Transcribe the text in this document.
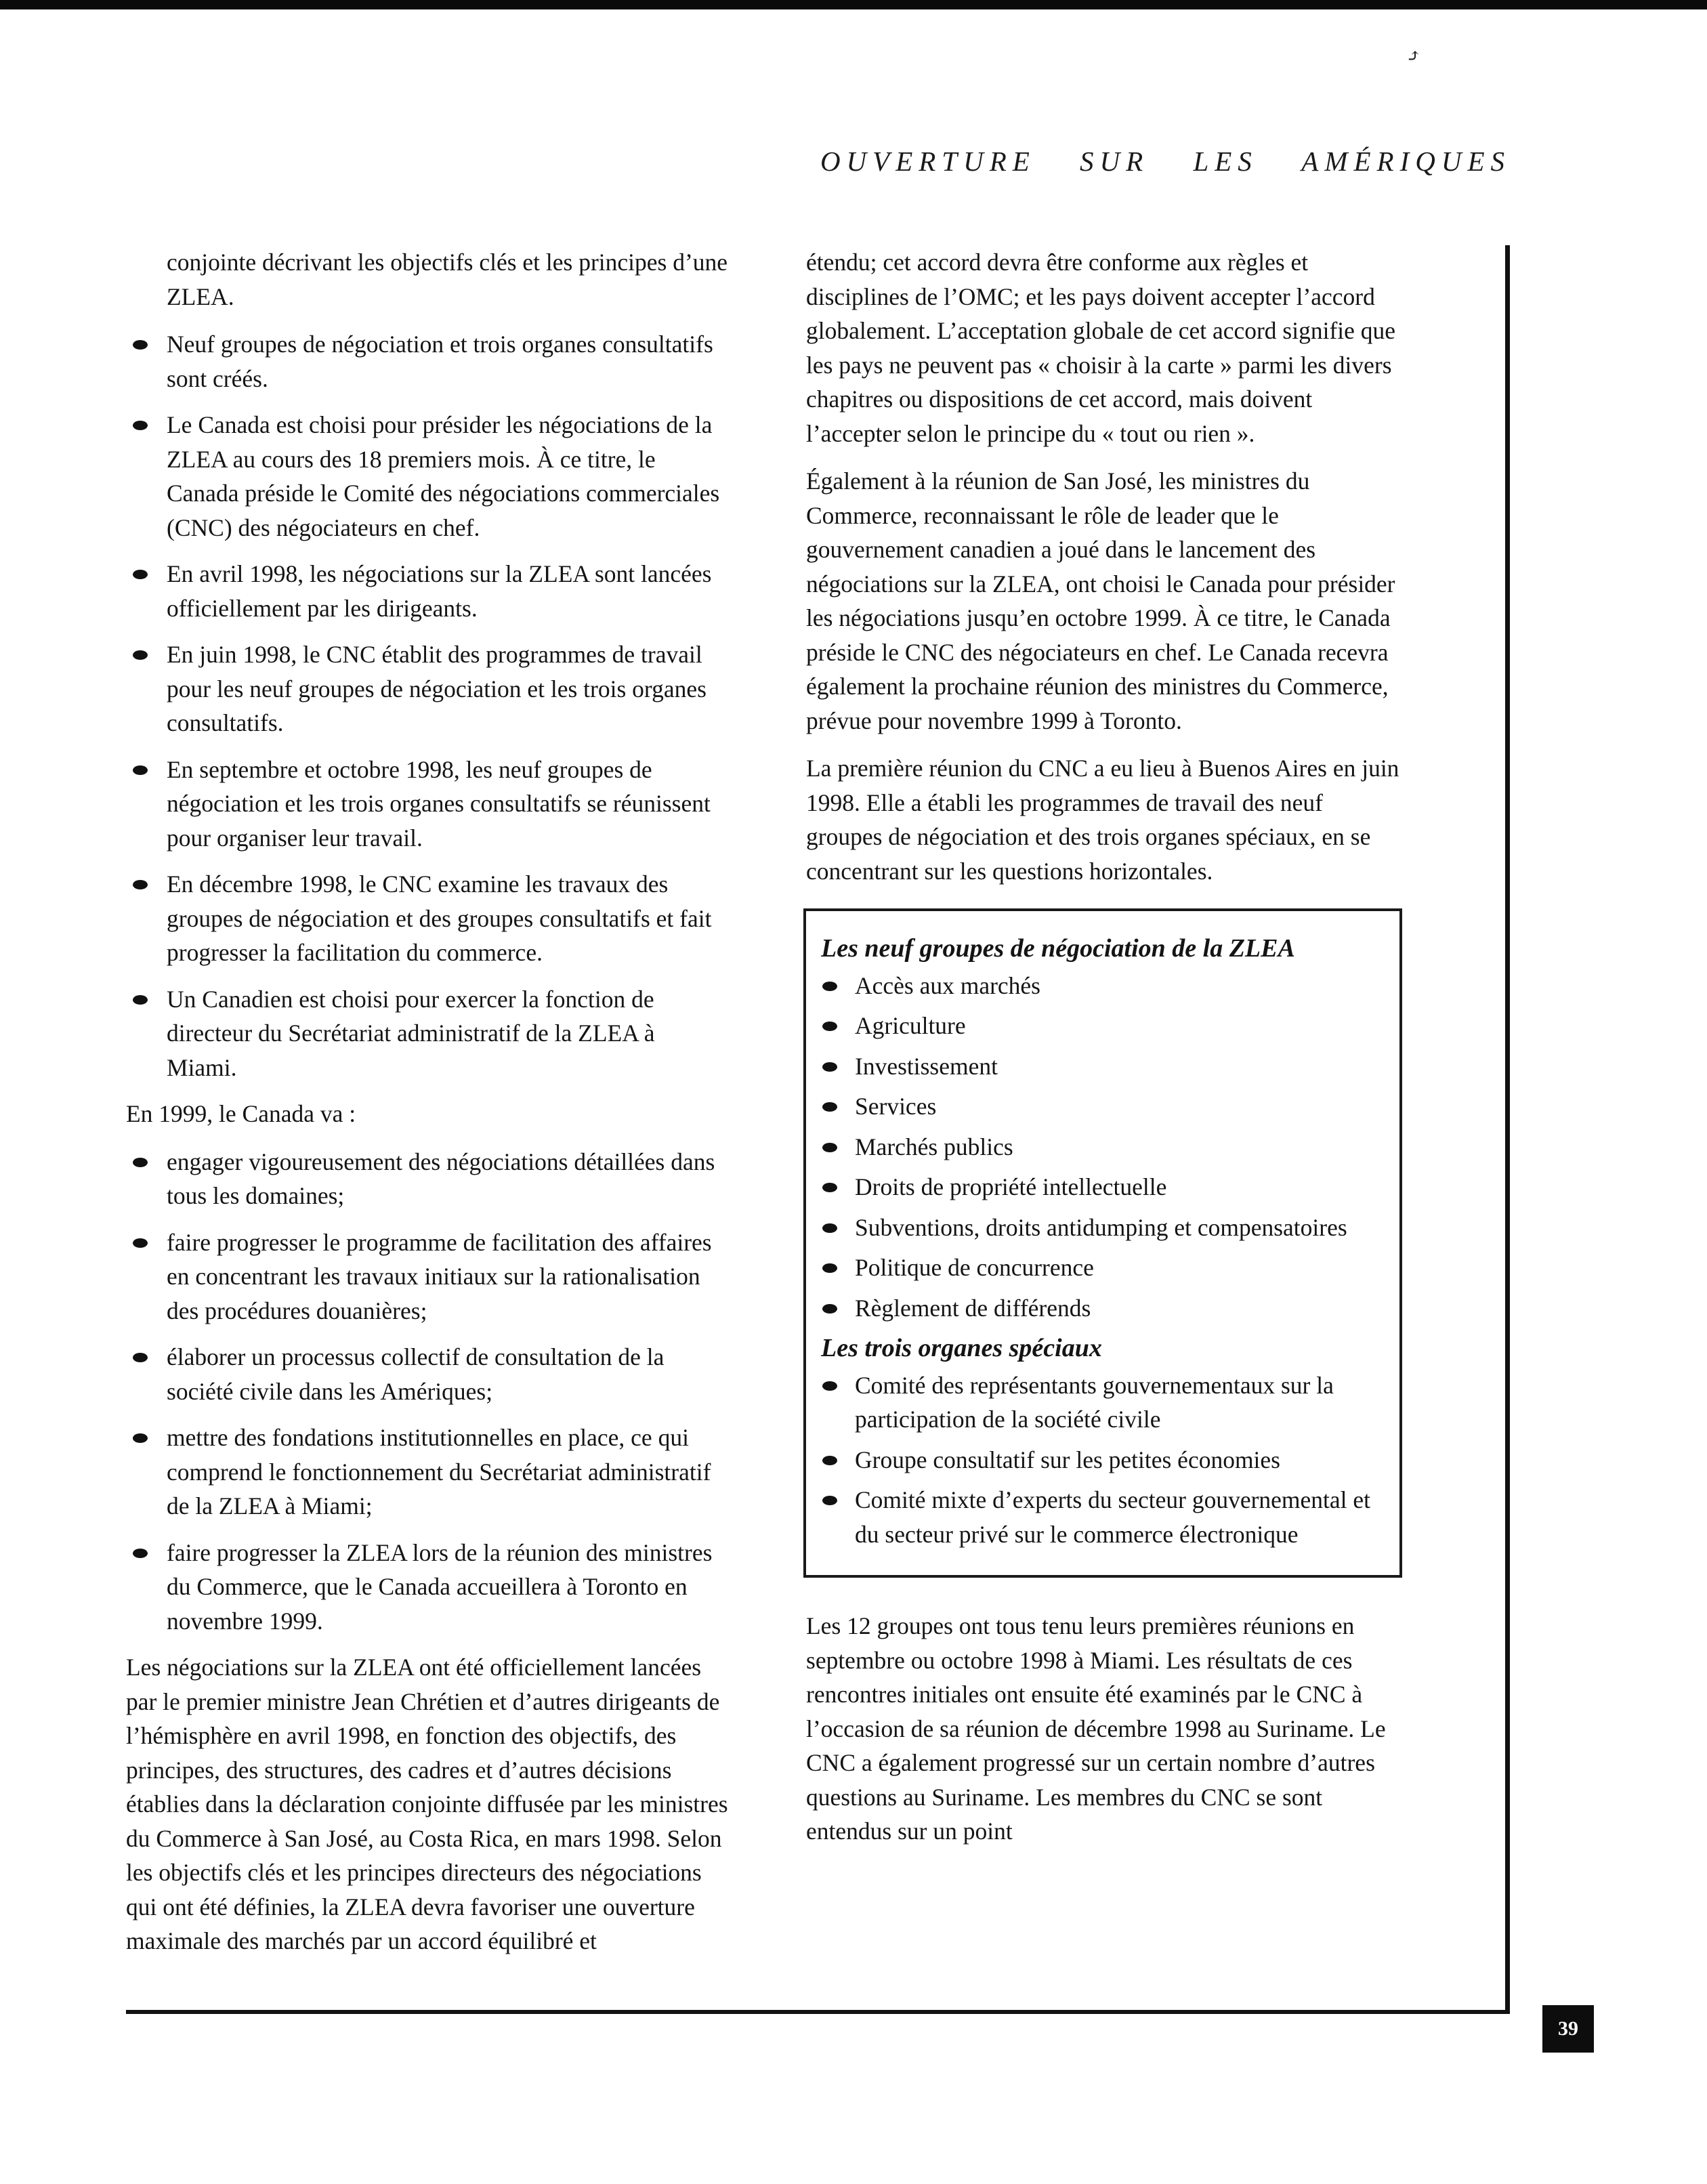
⤴
OUVERTURE SUR LES AMÉRIQUES

conjointe décrivant les objectifs clés et les principes d’une ZLEA.

Neuf groupes de négociation et trois organes consultatifs sont créés.
Le Canada est choisi pour présider les négociations de la ZLEA au cours des 18 premiers mois. À ce titre, le Canada préside le Comité des négociations commerciales (CNC) des négociateurs en chef.
En avril 1998, les négociations sur la ZLEA sont lancées officiellement par les dirigeants.
En juin 1998, le CNC établit des programmes de travail pour les neuf groupes de négociation et les trois organes consultatifs.
En septembre et octobre 1998, les neuf groupes de négociation et les trois organes consultatifs se réunissent pour organiser leur travail.
En décembre 1998, le CNC examine les travaux des groupes de négociation et des groupes consultatifs et fait progresser la facilitation du commerce.
Un Canadien est choisi pour exercer la fonction de directeur du Secrétariat administratif de la ZLEA à Miami.

En 1999, le Canada va :

engager vigoureusement des négociations détaillées dans tous les domaines;
faire progresser le programme de facilitation des affaires en concentrant les travaux initiaux sur la rationalisation des procédures douanières;
élaborer un processus collectif de consultation de la société civile dans les Amériques;
mettre des fondations institutionnelles en place, ce qui comprend le fonctionnement du Secrétariat administratif de la ZLEA à Miami;
faire progresser la ZLEA lors de la réunion des ministres du Commerce, que le Canada accueillera à Toronto en novembre 1999.

Les négociations sur la ZLEA ont été officiellement lancées par le premier ministre Jean Chrétien et d’autres dirigeants de l’hémisphère en avril 1998, en fonction des objectifs, des principes, des structures, des cadres et d’autres décisions établies dans la déclaration conjointe diffusée par les ministres du Commerce à San José, au Costa Rica, en mars 1998. Selon les objectifs clés et les principes directeurs des négociations qui ont été définies, la ZLEA devra favoriser une ouverture maximale des marchés par un accord équilibré et

étendu; cet accord devra être conforme aux règles et disciplines de l’OMC; et les pays doivent accepter l’accord globalement. L’acceptation globale de cet accord signifie que les pays ne peuvent pas « choisir à la carte » parmi les divers chapitres ou dispositions de cet accord, mais doivent l’accepter selon le principe du « tout ou rien ».

Également à la réunion de San José, les ministres du Commerce, reconnaissant le rôle de leader que le gouvernement canadien a joué dans le lancement des négociations sur la ZLEA, ont choisi le Canada pour présider les négociations jusqu’en octobre 1999. À ce titre, le Canada préside le CNC des négociateurs en chef. Le Canada recevra également la prochaine réunion des ministres du Commerce, prévue pour novembre 1999 à Toronto.

La première réunion du CNC a eu lieu à Buenos Aires en juin 1998. Elle a établi les programmes de travail des neuf groupes de négociation et des trois organes spéciaux, en se concentrant sur les questions horizontales.

Les neuf groupes de négociation de la ZLEA
Accès aux marchés
Agriculture
Investissement
Services
Marchés publics
Droits de propriété intellectuelle
Subventions, droits antidumping et compensatoires
Politique de concurrence
Règlement de différends
Les trois organes spéciaux
Comité des représentants gouvernementaux sur la participation de la société civile
Groupe consultatif sur les petites économies
Comité mixte d’experts du secteur gouvernemental et du secteur privé sur le commerce électronique

Les 12 groupes ont tous tenu leurs premières réunions en septembre ou octobre 1998 à Miami. Les résultats de ces rencontres initiales ont ensuite été examinés par le CNC à l’occasion de sa réunion de décembre 1998 au Suriname. Le CNC a également progressé sur un certain nombre d’autres questions au Suriname. Les membres du CNC se sont entendus sur un point

39
